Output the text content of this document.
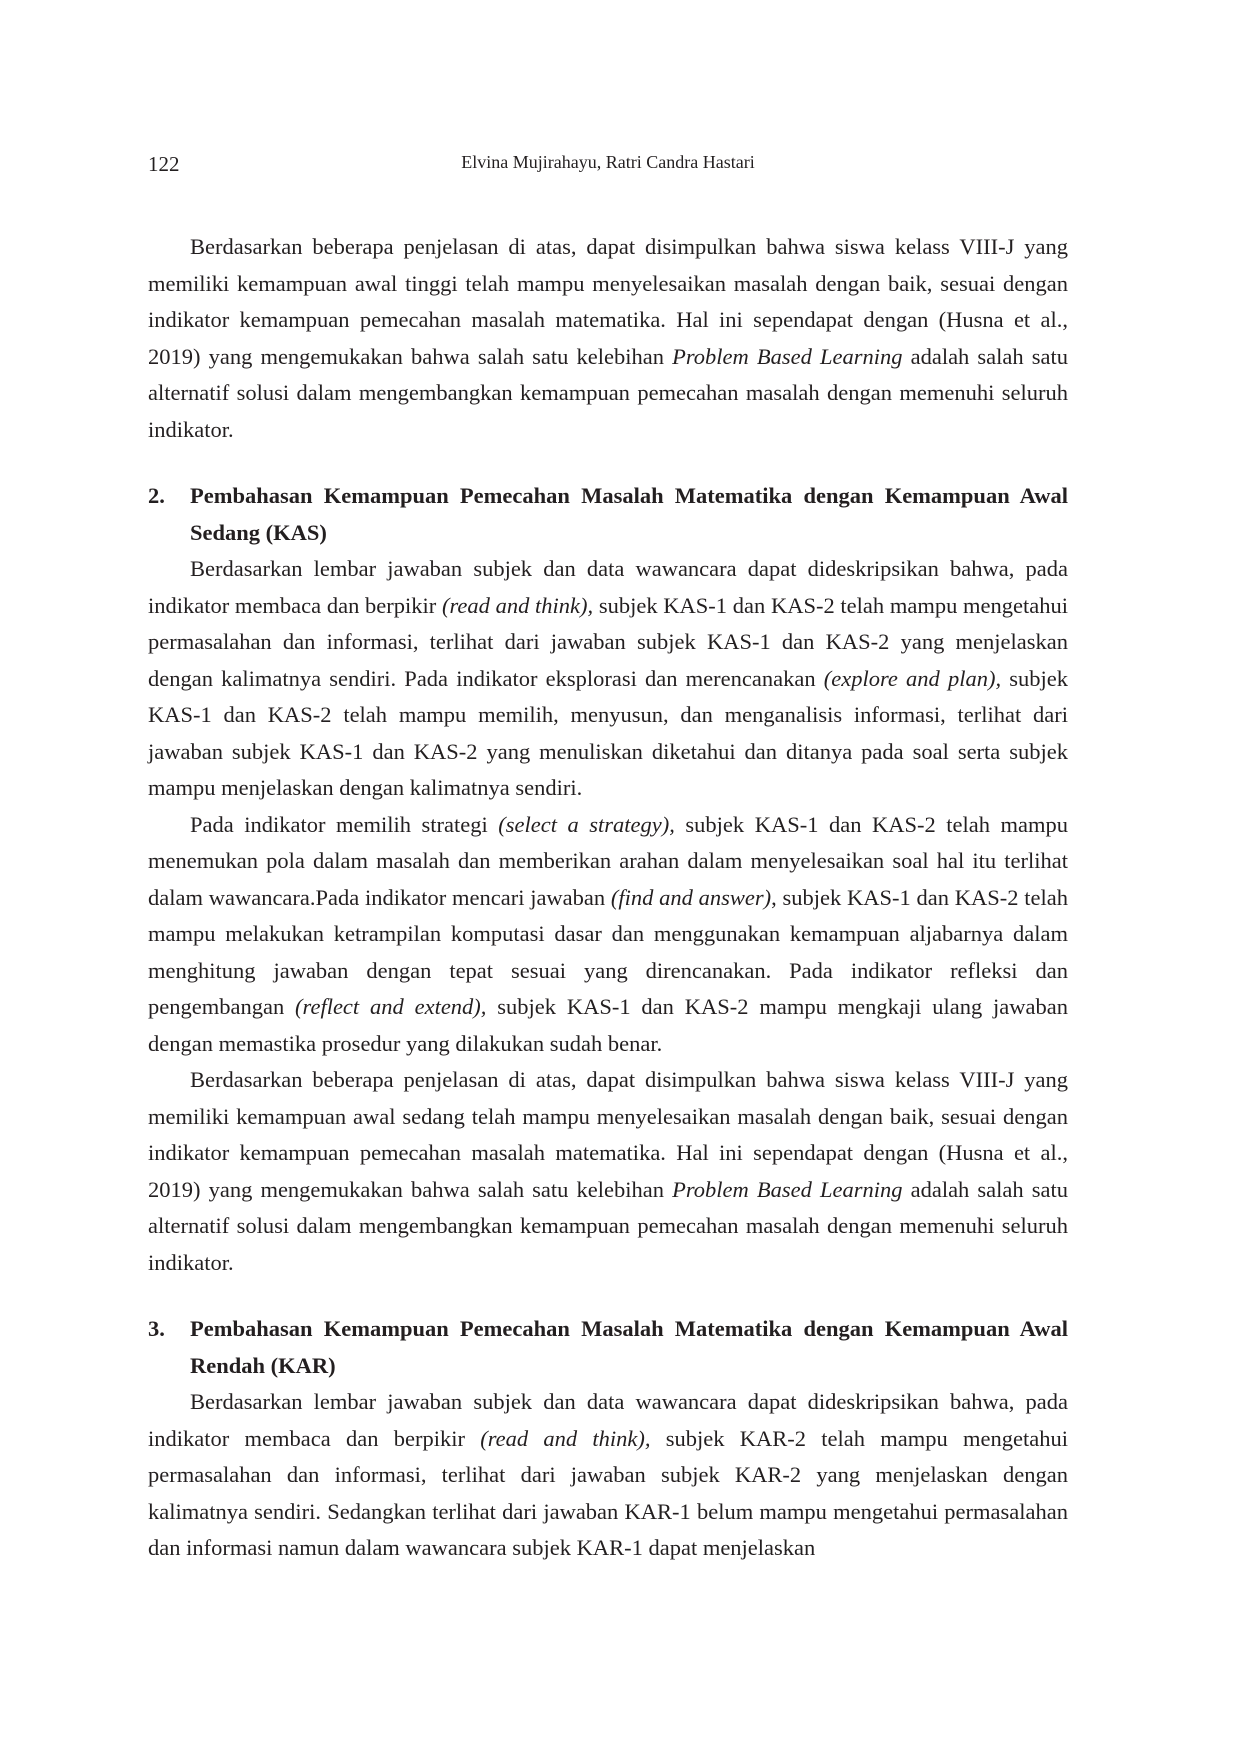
122	Elvina Mujirahayu, Ratri Candra Hastari

Berdasarkan beberapa penjelasan di atas, dapat disimpulkan bahwa siswa kelass VIII-J yang memiliki kemampuan awal tinggi telah mampu menyelesaikan masalah dengan baik, sesuai dengan indikator kemampuan pemecahan masalah matematika. Hal ini sependapat dengan (Husna et al., 2019) yang mengemukakan bahwa salah satu kelebihan Problem Based Learning adalah salah satu alternatif solusi dalam mengembangkan kemampuan pemecahan masalah dengan memenuhi seluruh indikator.

2.	Pembahasan Kemampuan Pemecahan Masalah Matematika dengan Kemampuan Awal Sedang (KAS)

Berdasarkan lembar jawaban subjek dan data wawancara dapat dideskripsikan bahwa, pada indikator membaca dan berpikir (read and think), subjek KAS-1 dan KAS-2 telah mampu mengetahui permasalahan dan informasi, terlihat dari jawaban subjek KAS-1 dan KAS-2 yang menjelaskan dengan kalimatnya sendiri. Pada indikator eksplorasi dan merencanakan (explore and plan), subjek KAS-1 dan KAS-2 telah mampu memilih, menyusun, dan menganalisis informasi, terlihat dari jawaban subjek KAS-1 dan KAS-2 yang menuliskan diketahui dan ditanya pada soal serta subjek mampu menjelaskan dengan kalimatnya sendiri.

Pada indikator memilih strategi (select a strategy), subjek KAS-1 dan KAS-2 telah mampu menemukan pola dalam masalah dan memberikan arahan dalam menyelesaikan soal hal itu terlihat dalam wawancara.Pada indikator mencari jawaban (find and answer), subjek KAS-1 dan KAS-2 telah mampu melakukan ketrampilan komputasi dasar dan menggunakan kemampuan aljabarnya dalam menghitung jawaban dengan tepat sesuai yang direncanakan. Pada indikator refleksi dan pengembangan (reflect and extend), subjek KAS-1 dan KAS-2 mampu mengkaji ulang jawaban dengan memastika prosedur yang dilakukan sudah benar.

Berdasarkan beberapa penjelasan di atas, dapat disimpulkan bahwa siswa kelass VIII-J yang memiliki kemampuan awal sedang telah mampu menyelesaikan masalah dengan baik, sesuai dengan indikator kemampuan pemecahan masalah matematika. Hal ini sependapat dengan (Husna et al., 2019) yang mengemukakan bahwa salah satu kelebihan Problem Based Learning adalah salah satu alternatif solusi dalam mengembangkan kemampuan pemecahan masalah dengan memenuhi seluruh indikator.

3.	Pembahasan Kemampuan Pemecahan Masalah Matematika dengan Kemampuan Awal Rendah (KAR)

Berdasarkan lembar jawaban subjek dan data wawancara dapat dideskripsikan bahwa, pada indikator membaca dan berpikir (read and think), subjek KAR-2 telah mampu mengetahui permasalahan dan informasi, terlihat dari jawaban subjek KAR-2 yang menjelaskan dengan kalimatnya sendiri. Sedangkan terlihat dari jawaban KAR-1 belum mampu mengetahui permasalahan dan informasi namun dalam wawancara subjek KAR-1 dapat menjelaskan
